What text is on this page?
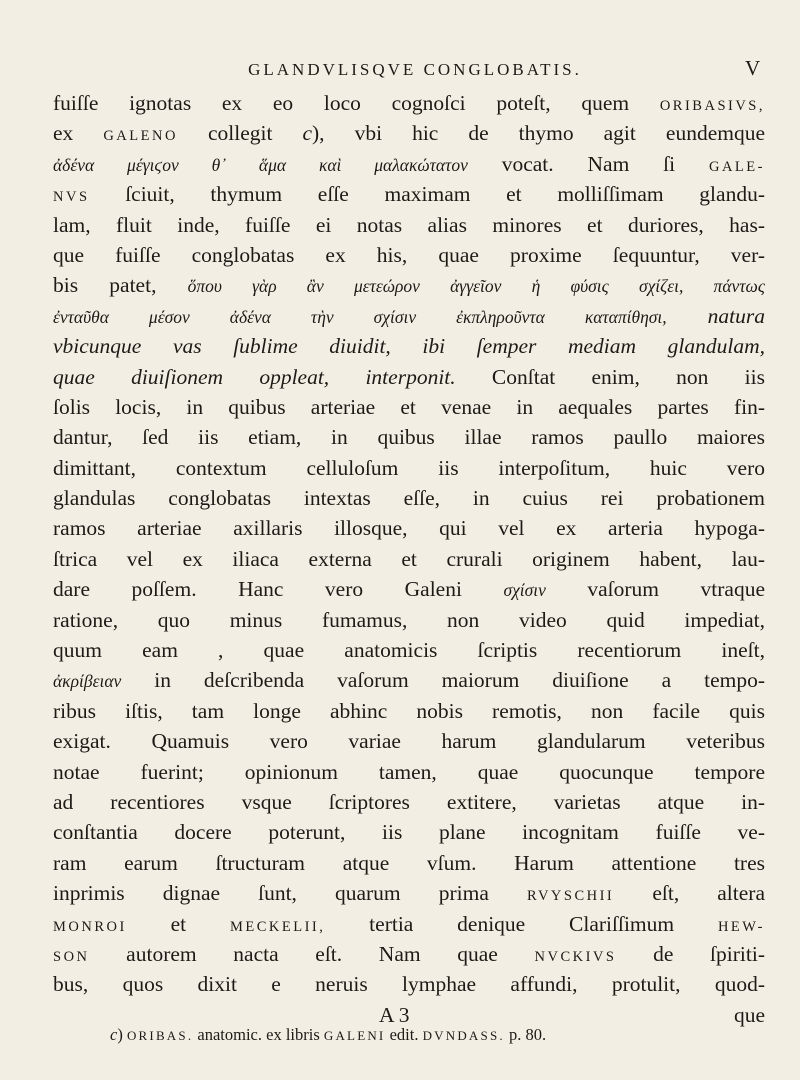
GLANDVLISQVE CONGLOBATIS.	V
fuiſſe ignotas ex eo loco cognoſci poteſt, quem ORIBASIVS,
ex GALENO collegit c), vbi hic de thymo agit eundemque
ἀδένα μέγιϛον θ᾽ ἅμα καὶ μαλακώτατον vocat. Nam ſi GALE-
NVS ſciuit, thymum eſſe maximam et molliſſimam glandu-
lam, fluit inde, fuiſſe ei notas alias minores et duriores, has-
que fuiſſe conglobatas ex his, quae proxime ſequuntur, ver-
bis patet, ὅπου γὰρ ἂν μετεώρον ἀγγεῖον ἡ φύσις σχίζει, πάντως
ἐνταῦθα μέσον ἀδένα τὴν σχίσιν ἐκπληροῦντα καταπίθησι, natura
vbicunque vas ſublime diuidit, ibi ſemper mediam glandulam,
quae diuiſionem oppleat, interponit. Conſtat enim, non iis
ſolis locis, in quibus arteriae et venae in aequales partes fin-
dantur, ſed iis etiam, in quibus illae ramos paullo maiores
dimittant, contextum celluloſum iis interpoſitum, huic vero
glandulas conglobatas intextas eſſe, in cuius rei probationem
ramos arteriae axillaris illosque, qui vel ex arteria hypoga-
ſtrica vel ex iliaca externa et crurali originem habent, lau-
dare poſſem. Hanc vero Galeni σχίσιν vaſorum vtraque
ratione, quo minus fumamus, non video quid impediat,
quum eam , quae anatomicis ſcriptis recentiorum ineſt,
ἀκρίβειαν in deſcribenda vaſorum maiorum diuiſione a tempo-
ribus iſtis, tam longe abhinc nobis remotis, non facile quis
exigat. Quamuis vero variae harum glandularum veteribus
notae fuerint; opinionum tamen, quae quocunque tempore
ad recentiores vsque ſcriptores extitere, varietas atque in-
conſtantia docere poterunt, iis plane incognitam fuiſſe ve-
ram earum ſtructuram atque vſum. Harum attentione tres
inprimis dignae ſunt, quarum prima RVYSCHII eſt, altera
MONROI et MECKELII, tertia denique Clariſſimum HEW-
SON autorem nacta eſt. Nam quae NVCKIVS de ſpiriti-
bus, quos dixit e neruis lymphae affundi, protulit, quod-
A 3	que
c) ORIBAS. anatomic. ex libris GALENI edit. DVNDASS. p. 80.
